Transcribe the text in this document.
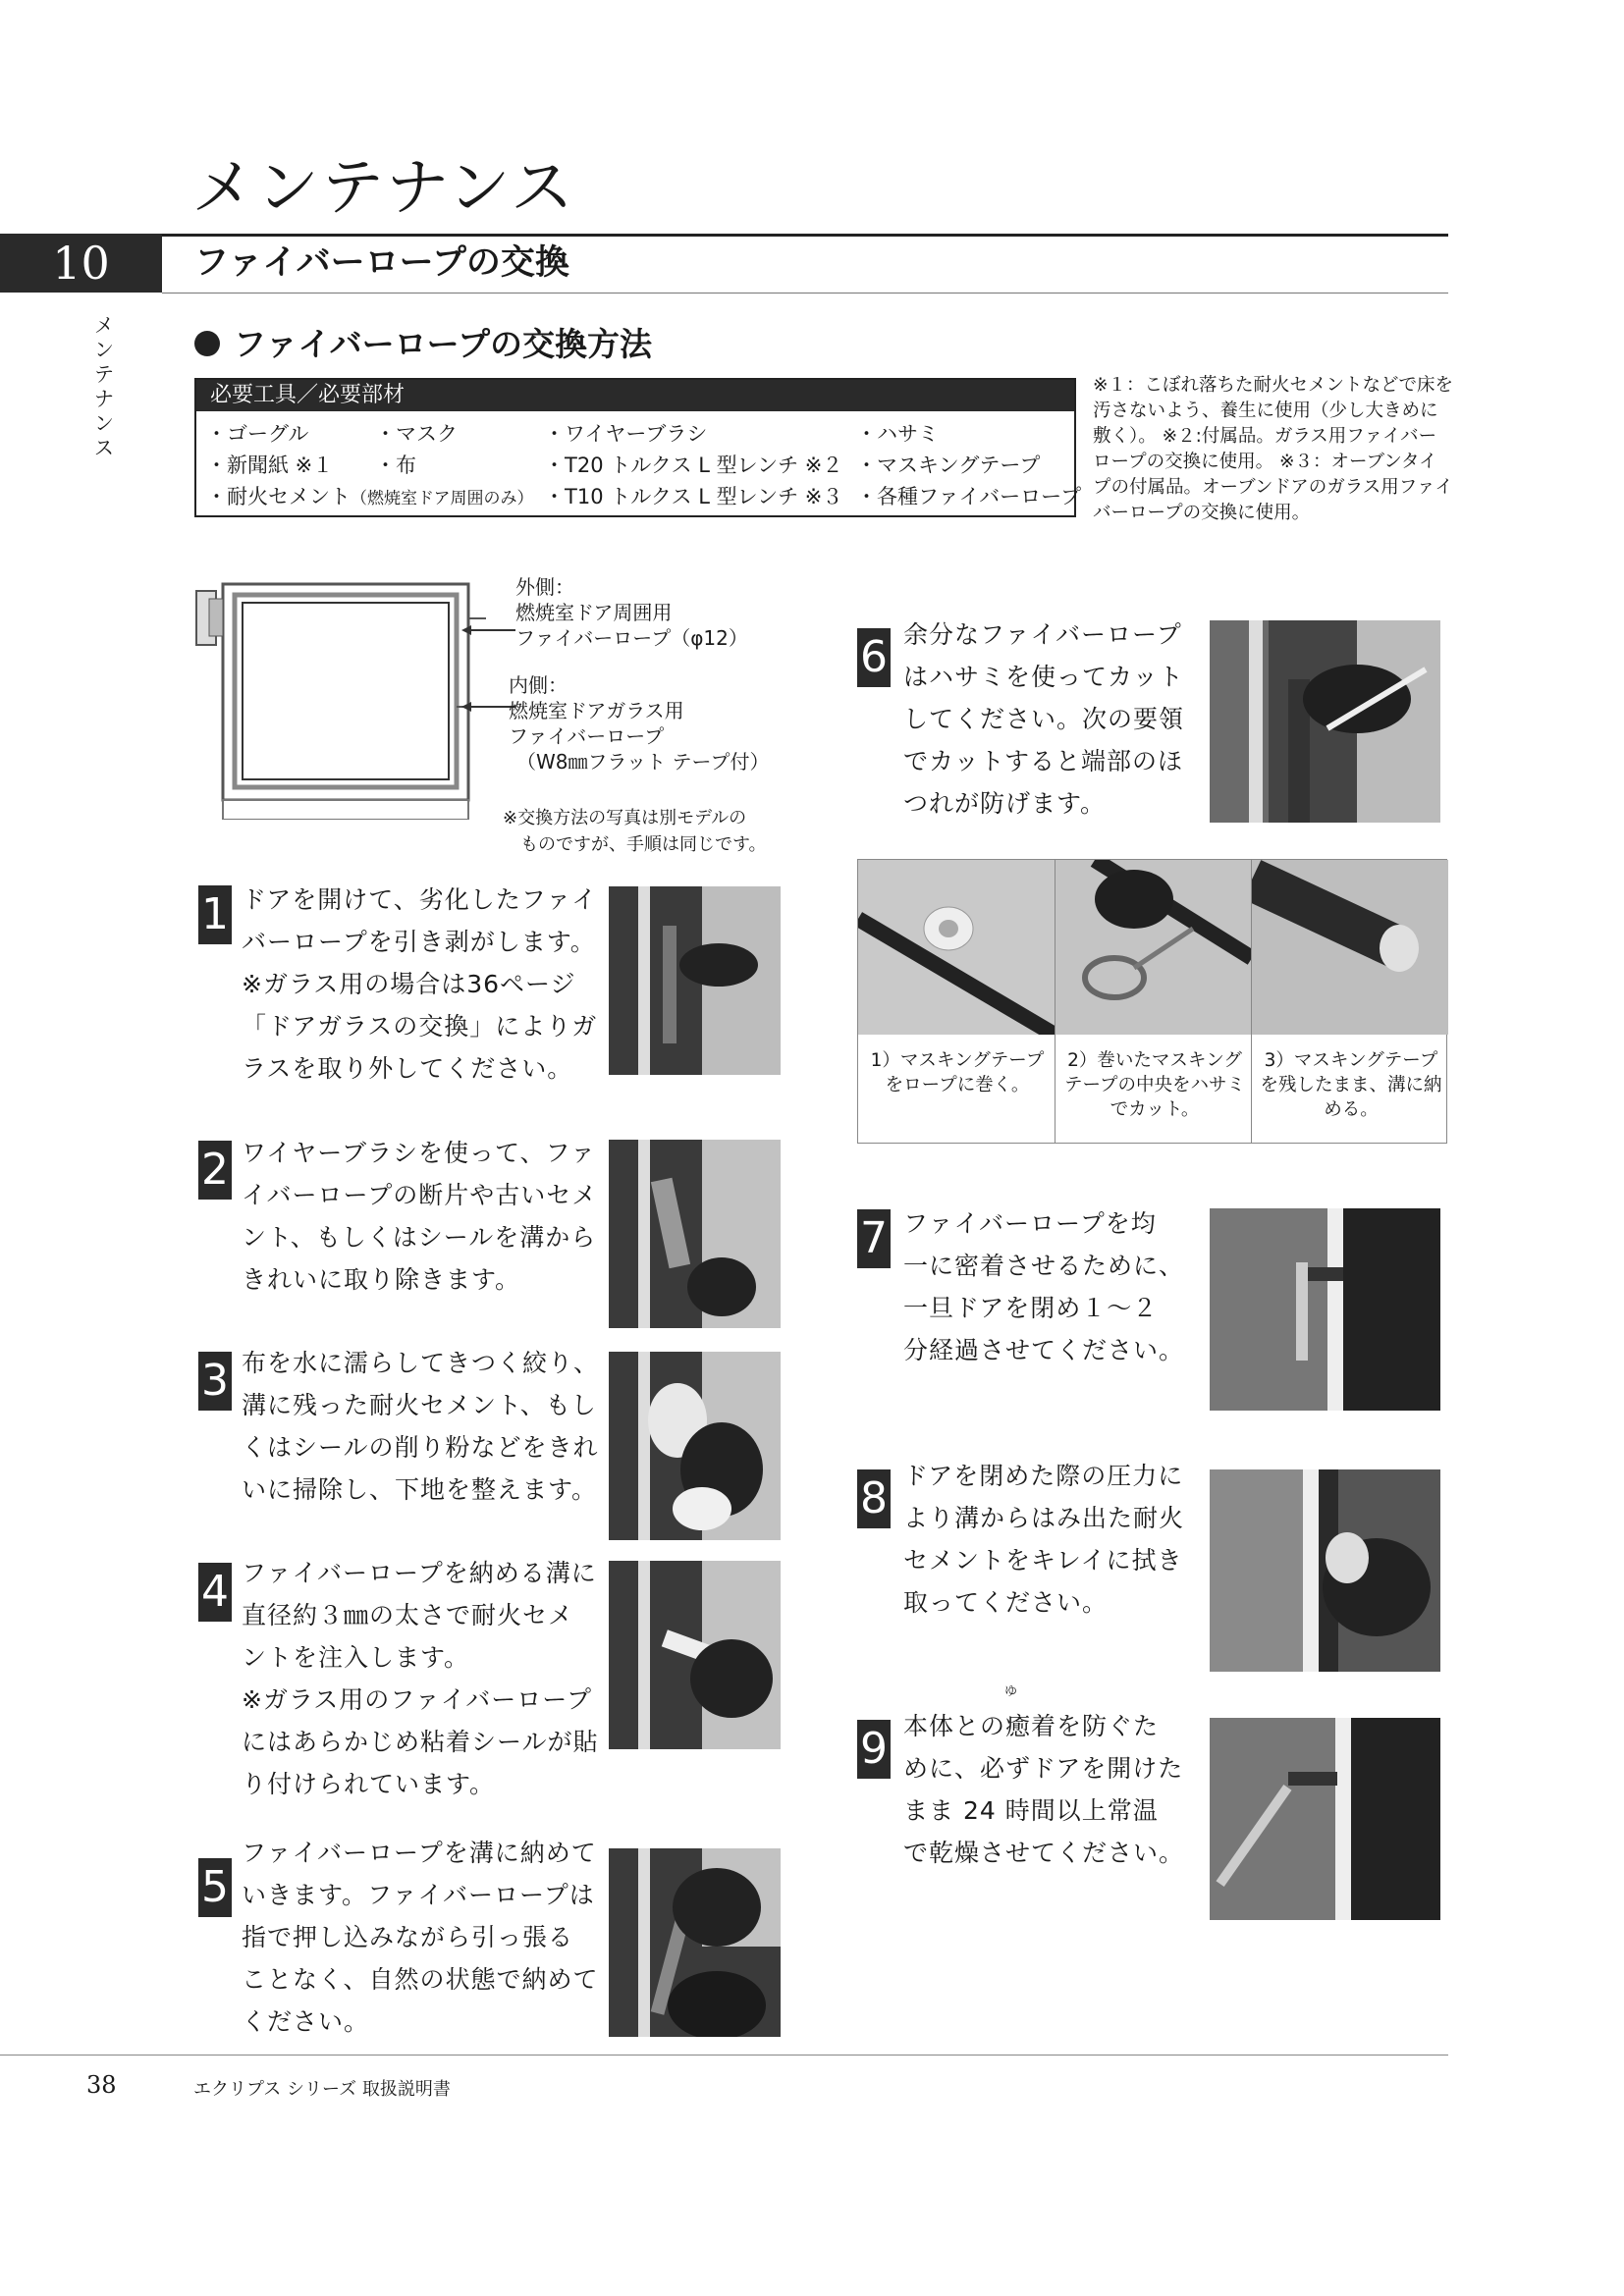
メンテナンス
10	ファイバーロープの交換
メンテナンス	ファイバーロープの交換方法
必要工具／必要部材
・ゴーグル	・マスク	・ワイヤーブラシ	・ハサミ
・新聞紙 ※１	・布	・T20 トルクス L 型レンチ ※２ ・マスキングテープ
・耐火セメント（燃焼室ドア周囲のみ） ・T10 トルクス L 型レンチ ※３ ・各種ファイバーロープ
※１：こぼれ落ちた耐火セメントなどで床を汚さないよう、養生に使用（少し大きめに敷く）。 ※２:付属品。ガラス用ファイバーロープの交換に使用。 ※３：オーブンタイプの付属品。オーブンドアのガラス用ファイバーロープの交換に使用。
外側：
燃焼室ドア周囲用
ファイバーロープ（φ12）
内側：
燃焼室ドアガラス用
ファイバーロープ
（W8㎜フラット テープ付）
※交換方法の写真は別モデルの
ものですが、手順は同じです。
1 ドアを開けて、劣化したファイ
バーロープを引き剥がします。
※ガラス用の場合は36ページ
「ドアガラスの交換」によりガ
ラスを取り外してください。
2 ワイヤーブラシを使って、ファ
イバーロープの断片や古いセメ
ント、もしくはシールを溝から
きれいに取り除きます。
3 布を水に濡らしてきつく絞り、
溝に残った耐火セメント、もし
くはシールの削り粉などをきれ
いに掃除し、下地を整えます。
4 ファイバーロープを納める溝に
直径約３㎜の太さで耐火セメ
ントを注入します。
※ガラス用のファイバーロープ
にはあらかじめ粘着シールが貼
り付けられています。
5
ファイバーロープを溝に納めて
いきます。ファイバーロープは
指で押し込みながら引っ張る
ことなく、自然の状態で納めて
ください。
6 余分なファイバーロープ
はハサミを使ってカット
してください。次の要領
でカットすると端部のほ
つれが防げます。
1）マスキングテープをロープに巻く。
2）巻いたマスキングテープの中央をハサミでカット。
3）マスキングテープを残したまま、溝に納める。
7 ファイバーロープを均
一に密着させるために、
一旦ドアを閉め１～２
分経過させてください。
8 ドアを閉めた際の圧力に
より溝からはみ出た耐火
セメントをキレイに拭き
取ってください。
9
ゆ
本体との癒着を防ぐた
めに、必ずドアを開けた
まま 24 時間以上常温
で乾燥させてください。
38	エクリプス シリーズ 取扱説明書
